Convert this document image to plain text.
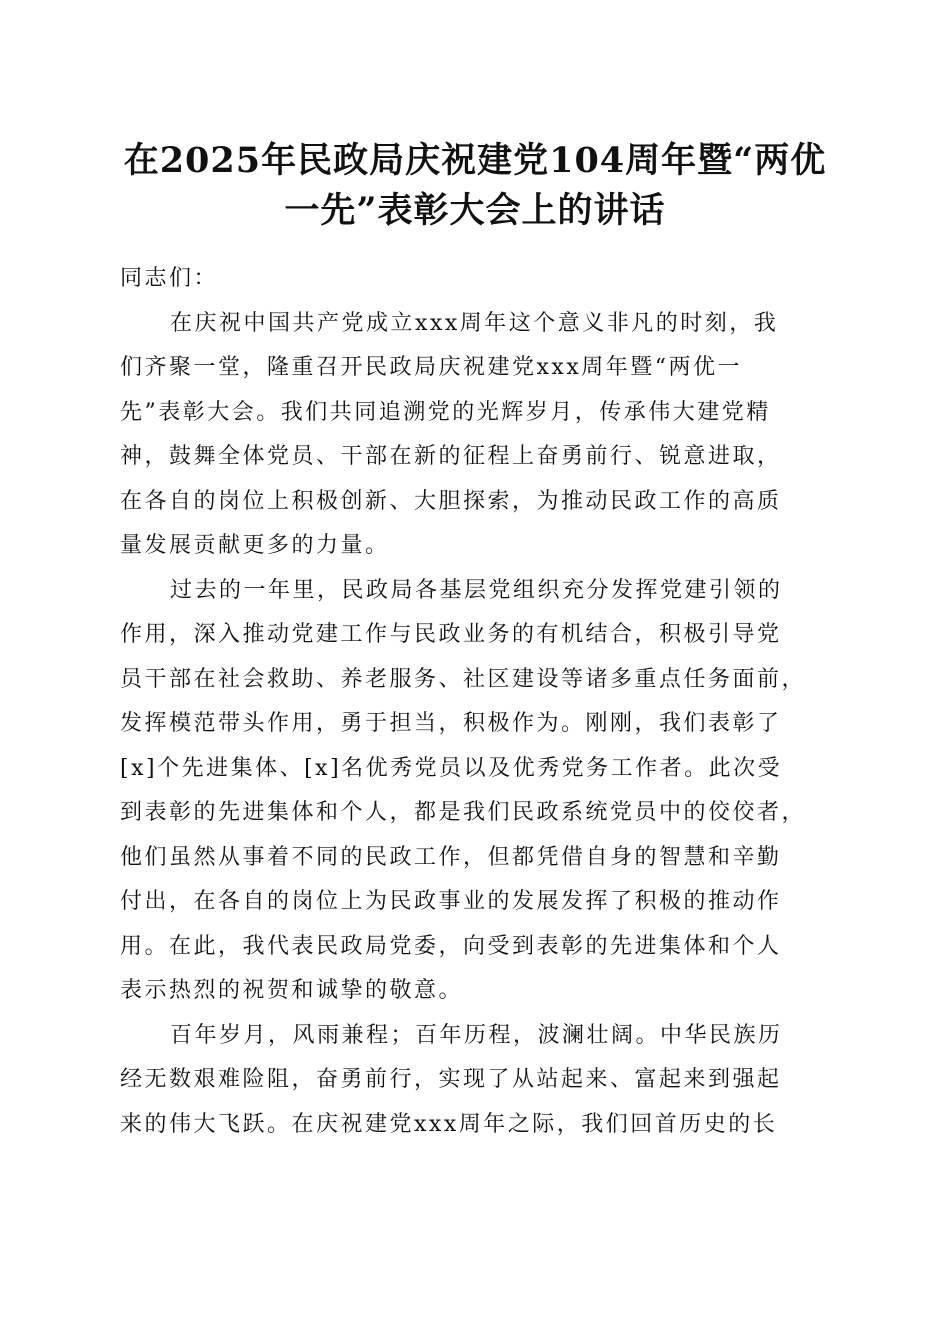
在2025年民政局庆祝建党104周年暨“两优
一先”表彰大会上的讲话

同志们：

在庆祝中国共产党成立xxx周年这个意义非凡的时刻，我
们齐聚一堂，隆重召开民政局庆祝建党xxx周年暨“两优一
先”表彰大会。我们共同追溯党的光辉岁月，传承伟大建党精
神，鼓舞全体党员、干部在新的征程上奋勇前行、锐意进取，
在各自的岗位上积极创新、大胆探索，为推动民政工作的高质
量发展贡献更多的力量。

过去的一年里，民政局各基层党组织充分发挥党建引领的
作用，深入推动党建工作与民政业务的有机结合，积极引导党
员干部在社会救助、养老服务、社区建设等诸多重点任务面前，
发挥模范带头作用，勇于担当，积极作为。刚刚，我们表彰了
[x]个先进集体、[x]名优秀党员以及优秀党务工作者。此次受
到表彰的先进集体和个人，都是我们民政系统党员中的佼佼者，
他们虽然从事着不同的民政工作，但都凭借自身的智慧和辛勤
付出，在各自的岗位上为民政事业的发展发挥了积极的推动作
用。在此，我代表民政局党委，向受到表彰的先进集体和个人
表示热烈的祝贺和诚挚的敬意。

百年岁月，风雨兼程；百年历程，波澜壮阔。中华民族历
经无数艰难险阻，奋勇前行，实现了从站起来、富起来到强起
来的伟大飞跃。在庆祝建党xxx周年之际，我们回首历史的长
